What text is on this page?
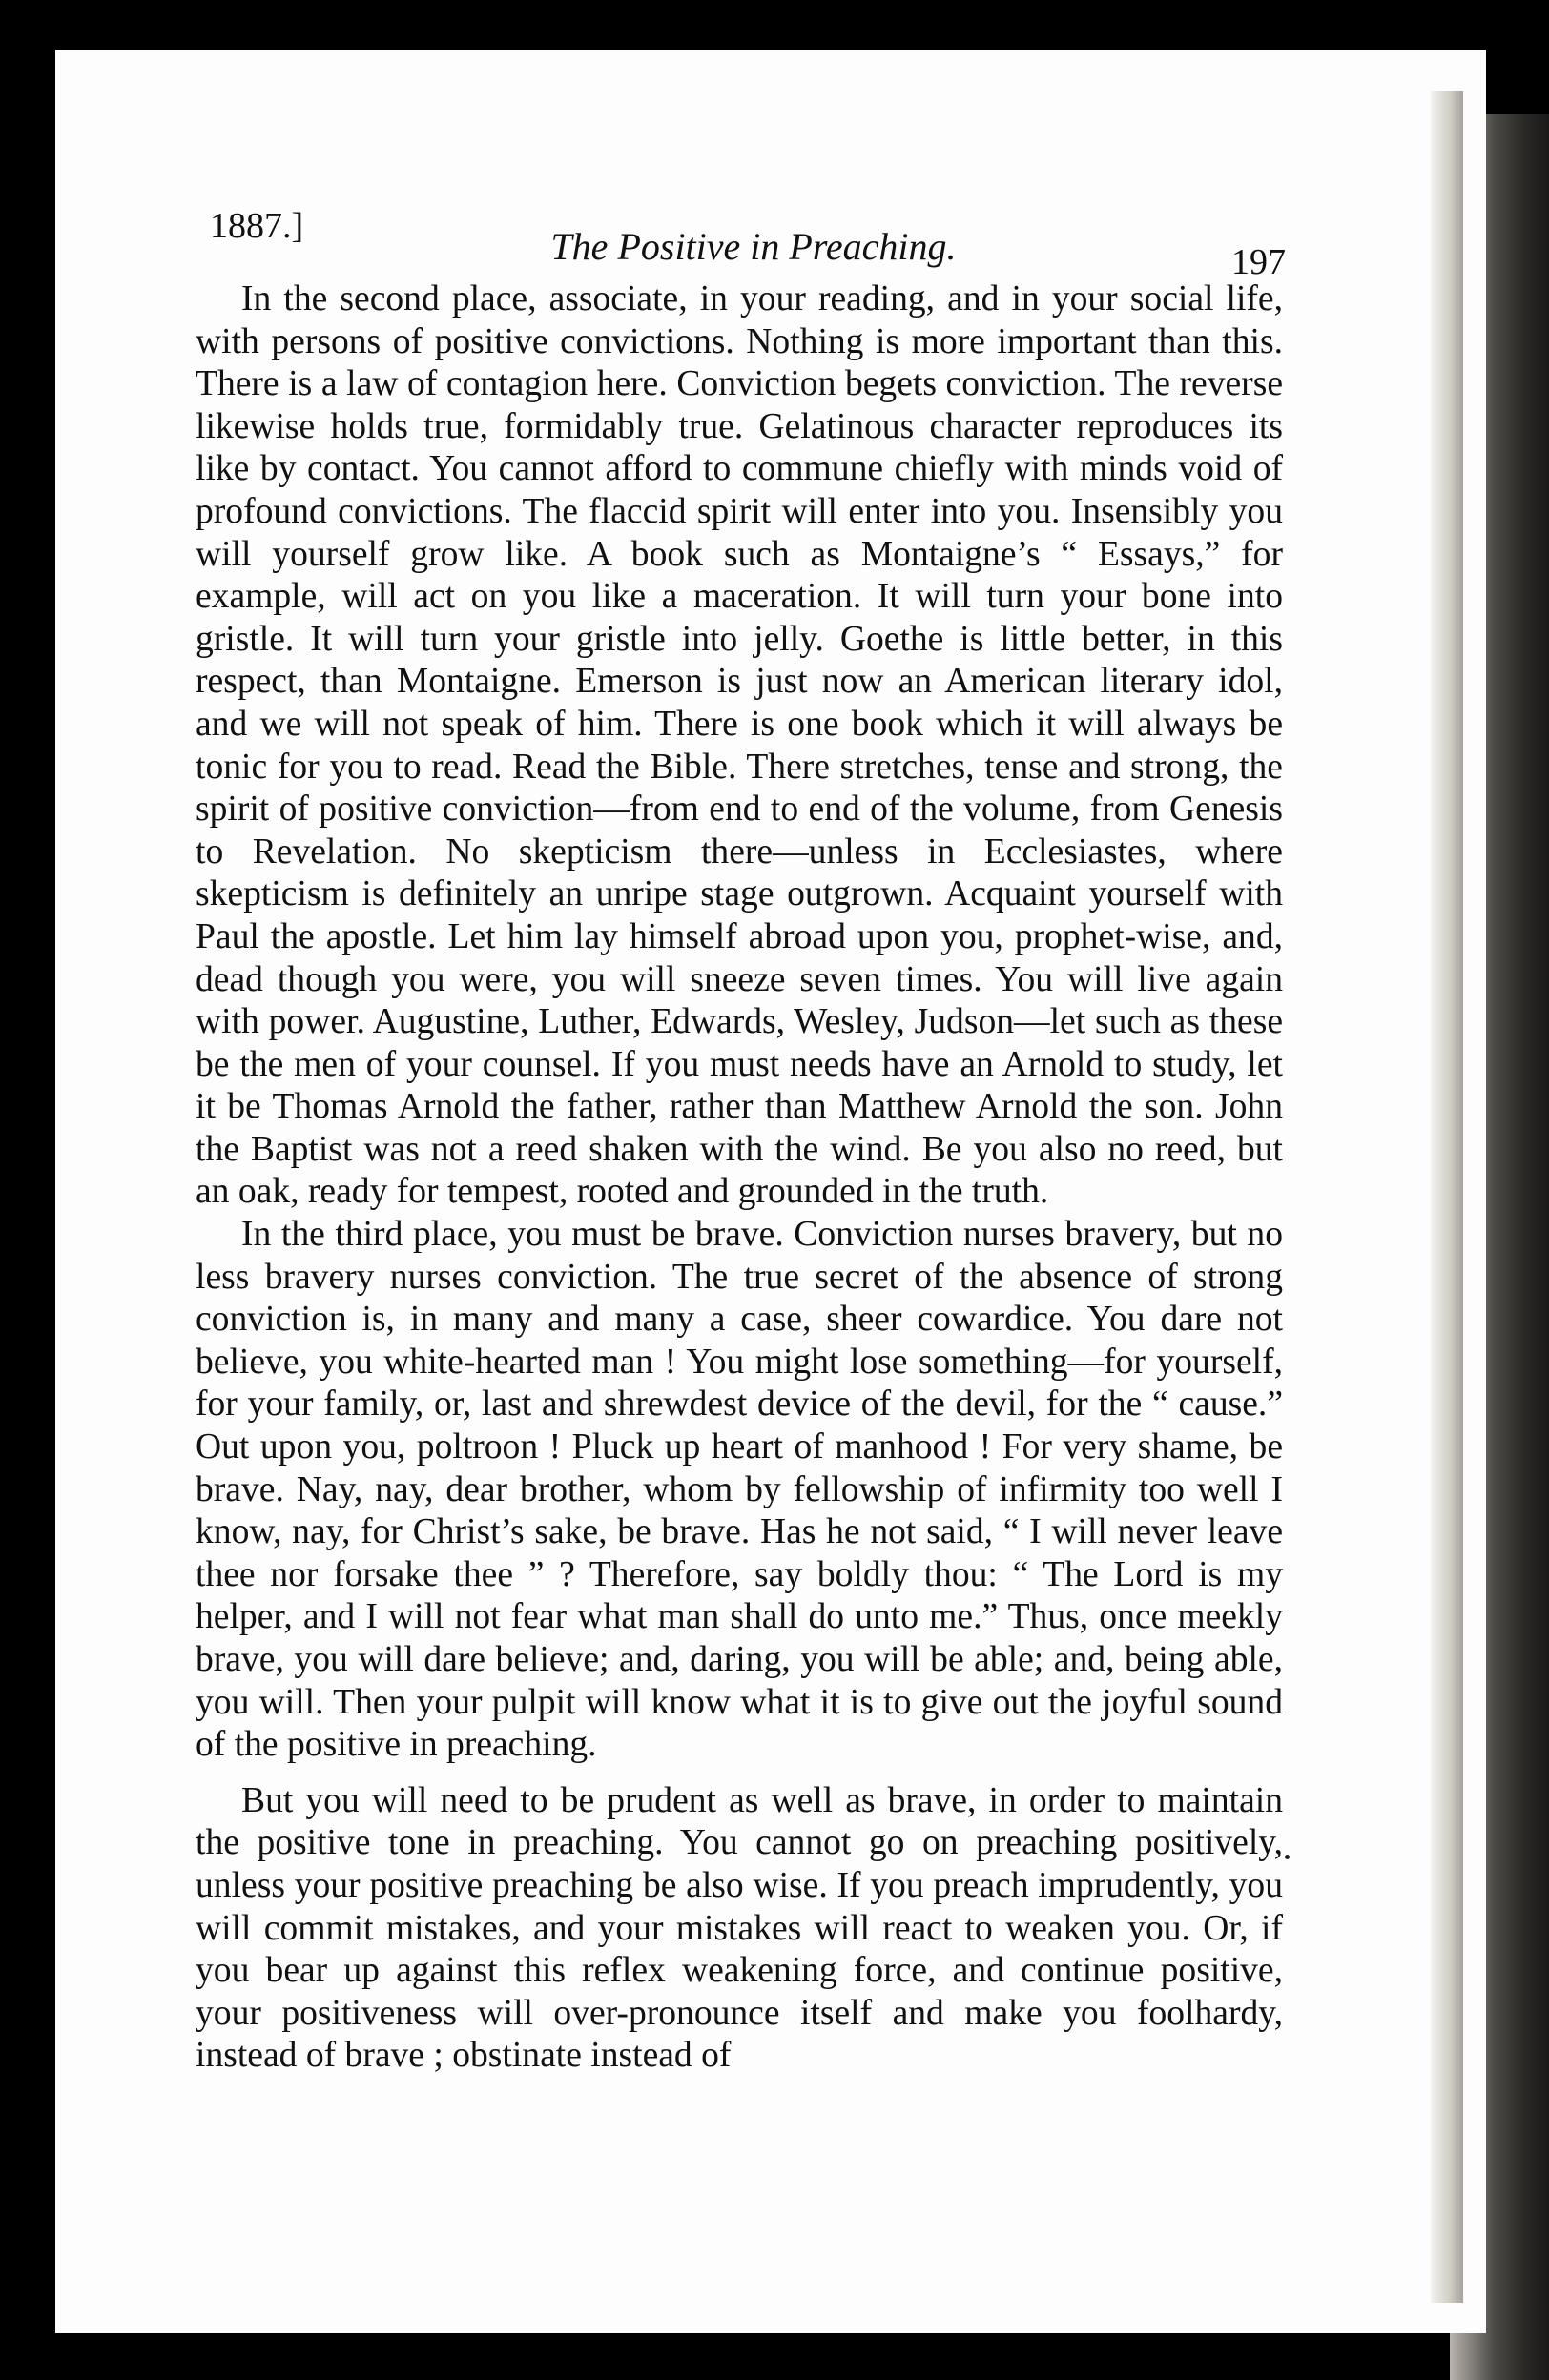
1887.]	The Positive in Preaching.	197

In the second place, associate, in your reading, and in your social life, with persons of positive convictions. Nothing is more important than this. There is a law of contagion here. Conviction begets conviction. The reverse likewise holds true, formidably true. Gelatinous character reproduces its like by contact. You cannot afford to commune chiefly with minds void of profound convictions. The flaccid spirit will enter into you. Insensibly you will yourself grow like. A book such as Montaigne’s “ Essays,” for example, will act on you like a maceration. It will turn your bone into gristle. It will turn your gristle into jelly. Goethe is little better, in this respect, than Montaigne. Emerson is just now an American literary idol, and we will not speak of him. There is one book which it will always be tonic for you to read. Read the Bible. There stretches, tense and strong, the spirit of positive conviction—from end to end of the volume, from Genesis to Revelation. No skepticism there—unless in Ecclesiastes, where skepticism is definitely an unripe stage outgrown. Acquaint yourself with Paul the apostle. Let him lay himself abroad upon you, prophet-wise, and, dead though you were, you will sneeze seven times. You will live again with power. Augustine, Luther, Edwards, Wesley, Judson—let such as these be the men of your counsel. If you must needs have an Arnold to study, let it be Thomas Arnold the father, rather than Matthew Arnold the son. John the Baptist was not a reed shaken with the wind. Be you also no reed, but an oak, ready for tempest, rooted and grounded in the truth.

In the third place, you must be brave. Conviction nurses bravery, but no less bravery nurses conviction. The true secret of the absence of strong conviction is, in many and many a case, sheer cowardice. You dare not believe, you white-hearted man ! You might lose something—for yourself, for your family, or, last and shrewdest device of the devil, for the “ cause.” Out upon you, poltroon ! Pluck up heart of manhood ! For very shame, be brave. Nay, nay, dear brother, whom by fellowship of infirmity too well I know, nay, for Christ’s sake, be brave. Has he not said, “ I will never leave thee nor forsake thee ” ? Therefore, say boldly thou: “ The Lord is my helper, and I will not fear what man shall do unto me.” Thus, once meekly brave, you will dare believe; and, daring, you will be able; and, being able, you will. Then your pulpit will know what it is to give out the joyful sound of the positive in preaching.

But you will need to be prudent as well as brave, in order to maintain the positive tone in preaching. You cannot go on preaching positively, unless your positive preaching be also wise. If you preach imprudently, you will commit mistakes, and your mistakes will react to weaken you. Or, if you bear up against this reflex weakening force, and continue positive, your positiveness will over-pronounce itself and make you foolhardy, instead of brave ; obstinate instead of
